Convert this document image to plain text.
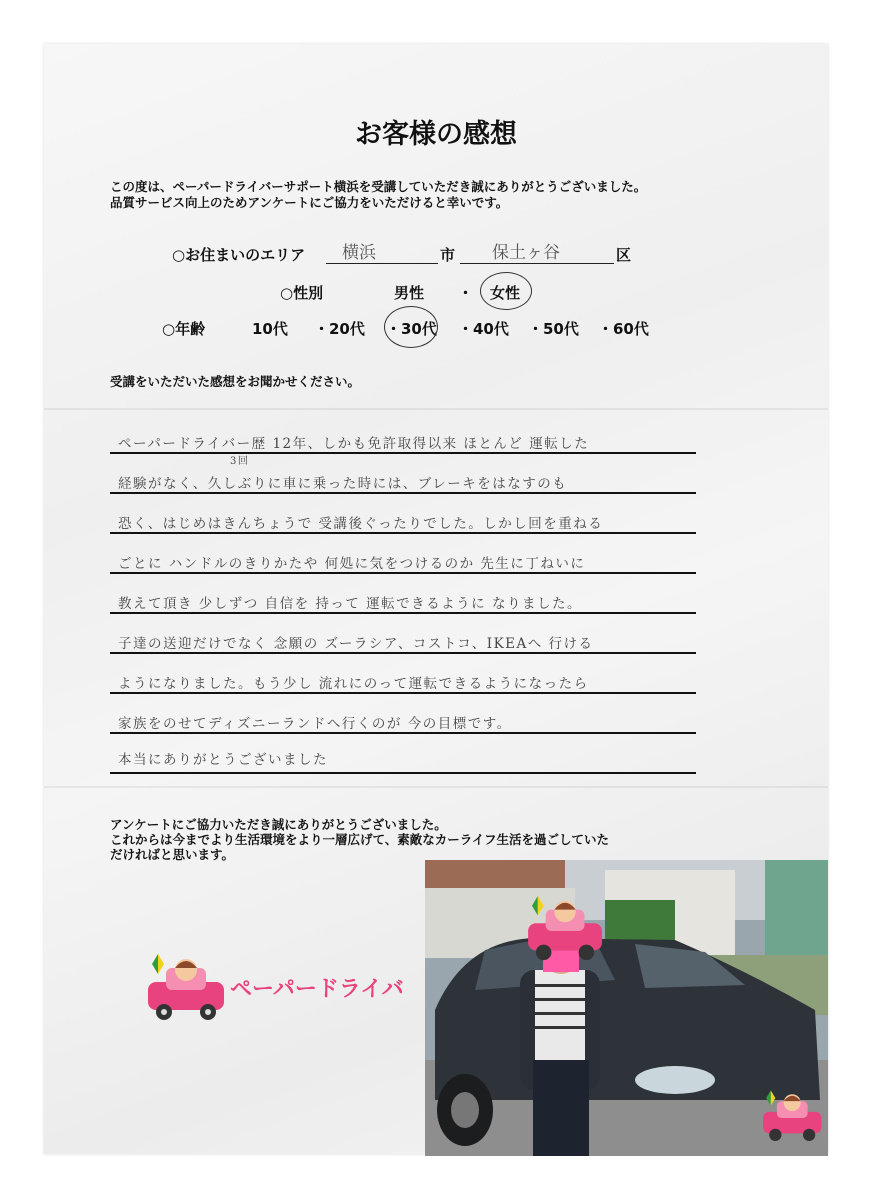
お客様の感想
この度は、ペーパードライバーサポート横浜を受講していただき誠にありがとうございました。
品質サービス向上のためアンケートにご協力をいただけると幸いです。
○お住まいのエリア 横浜	市 保土ヶ谷	区
○性別	男性 ・ 女性
○年齢	10代 ・20代 ・30代 ・40代 ・50代 ・60代
受講をいただいた感想をお聞かせください。
ペーパードライバー歴 12年、しかも免許取得以来 ほとんど 運転した
3回
経験がなく、久しぶりに車に乗った時には、ブレーキをはなすのも
恐く、はじめはきんちょうで 受講後ぐったりでした。しかし回を重ねる
ごとに ハンドルのきりかたや 何処に気をつけるのか 先生に丁ねいに
教えて頂き 少しずつ 自信を 持って 運転できるように なりました。
子達の送迎だけでなく 念願の ズーラシア、コストコ、IKEAへ 行ける
ようになりました。もう少し 流れにのって運転できるようになったら
家族をのせてディズニーランドへ行くのが 今の目標です。
本当にありがとうございました
アンケートにご協力いただき誠にありがとうございました。
これからは今までより生活環境をより一層広げて、素敵なカーライフ生活を過ごしていた
だければと思います。
ペーパードライバ
